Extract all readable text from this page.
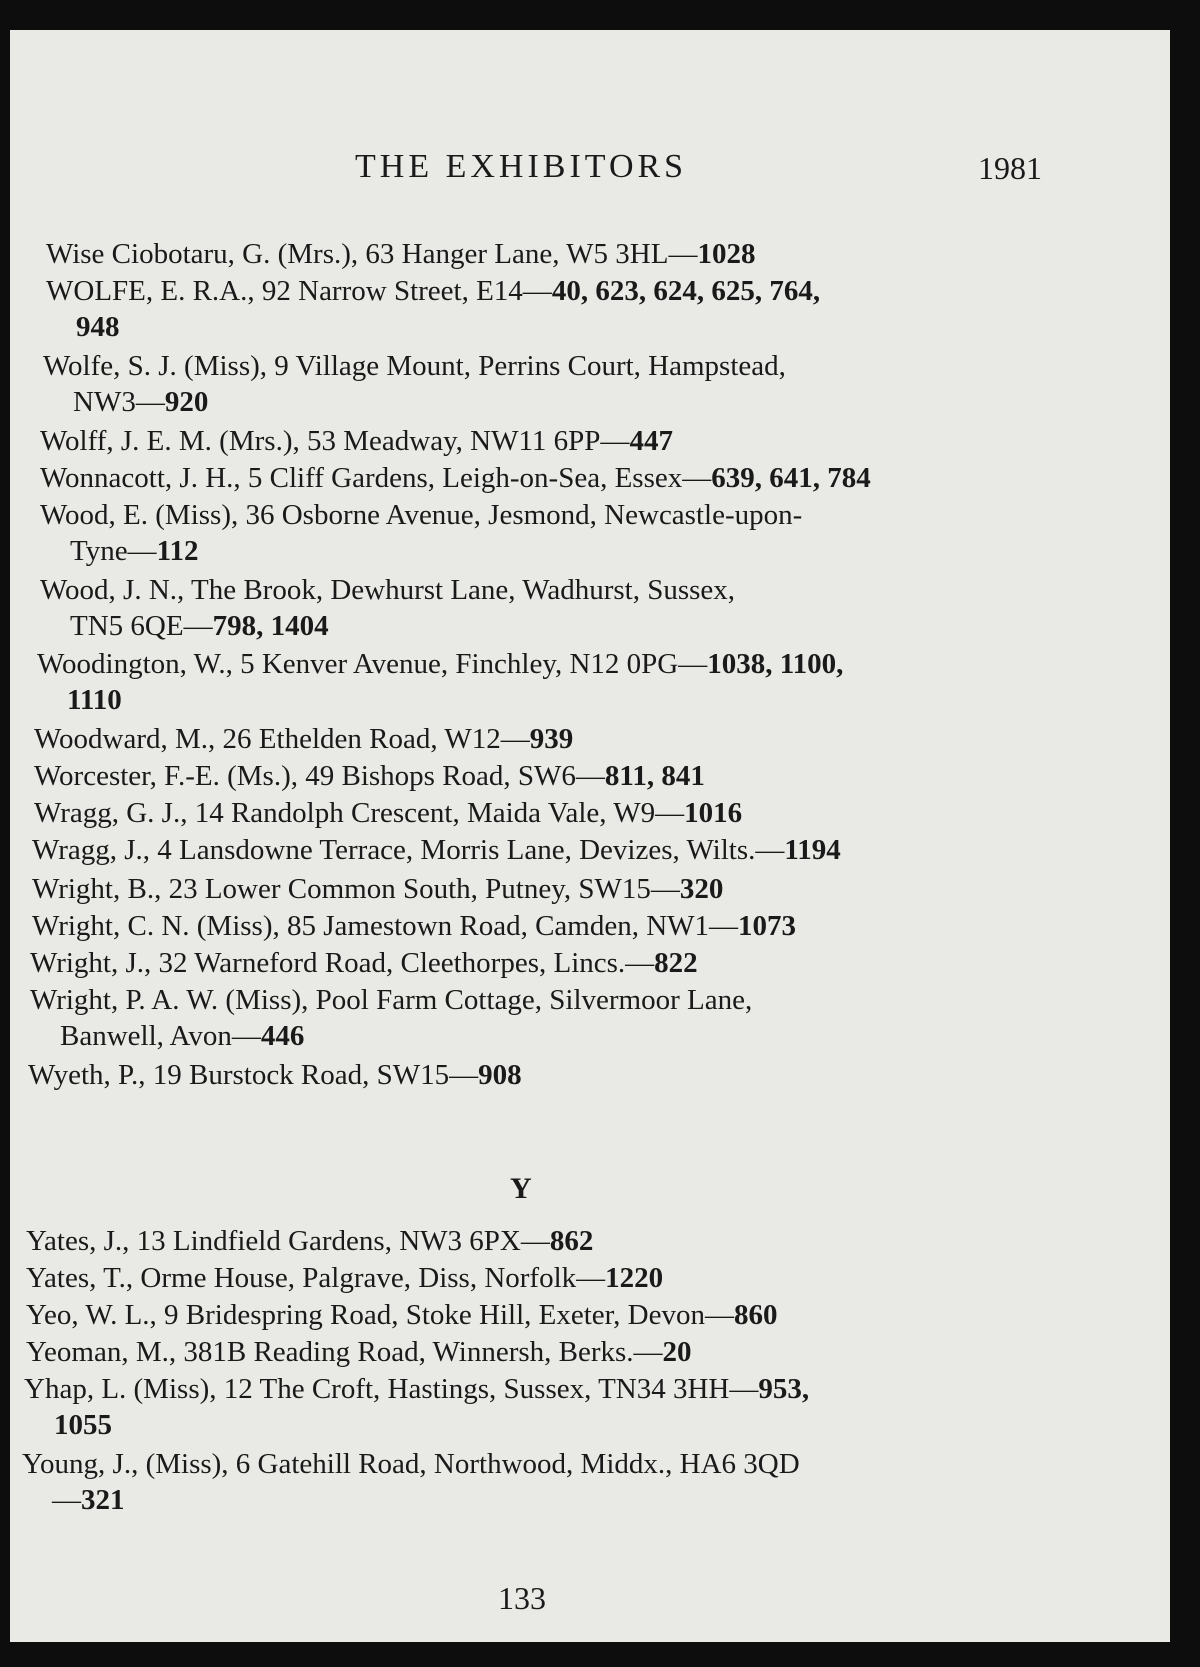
THE EXHIBITORS	1981
Wise Ciobotaru, G. (Mrs.), 63 Hanger Lane, W5 3HL—1028
WOLFE, E. R.A., 92 Narrow Street, E14—40, 623, 624, 625, 764,
948
Wolfe, S. J. (Miss), 9 Village Mount, Perrins Court, Hampstead,
NW3—920
Wolff, J. E. M. (Mrs.), 53 Meadway, NW11 6PP—447
Wonnacott, J. H., 5 Cliff Gardens, Leigh-on-Sea, Essex—639, 641, 784
Wood, E. (Miss), 36 Osborne Avenue, Jesmond, Newcastle-upon-
Tyne—112
Wood, J. N., The Brook, Dewhurst Lane, Wadhurst, Sussex,
TN5 6QE—798, 1404
Woodington, W., 5 Kenver Avenue, Finchley, N12 0PG—1038, 1100,
1110
Woodward, M., 26 Ethelden Road, W12—939
Worcester, F.-E. (Ms.), 49 Bishops Road, SW6—811, 841
Wragg, G. J., 14 Randolph Crescent, Maida Vale, W9—1016
Wragg, J., 4 Lansdowne Terrace, Morris Lane, Devizes, Wilts.—1194
Wright, B., 23 Lower Common South, Putney, SW15—320
Wright, C. N. (Miss), 85 Jamestown Road, Camden, NW1—1073
Wright, J., 32 Warneford Road, Cleethorpes, Lincs.—822
Wright, P. A. W. (Miss), Pool Farm Cottage, Silvermoor Lane,
Banwell, Avon—446
Wyeth, P., 19 Burstock Road, SW15—908
Y
Yates, J., 13 Lindfield Gardens, NW3 6PX—862
Yates, T., Orme House, Palgrave, Diss, Norfolk—1220
Yeo, W. L., 9 Bridespring Road, Stoke Hill, Exeter, Devon—860
Yeoman, M., 381B Reading Road, Winnersh, Berks.—20
Yhap, L. (Miss), 12 The Croft, Hastings, Sussex, TN34 3HH—953,
1055
Young, J., (Miss), 6 Gatehill Road, Northwood, Middx., HA6 3QD
—321
133
